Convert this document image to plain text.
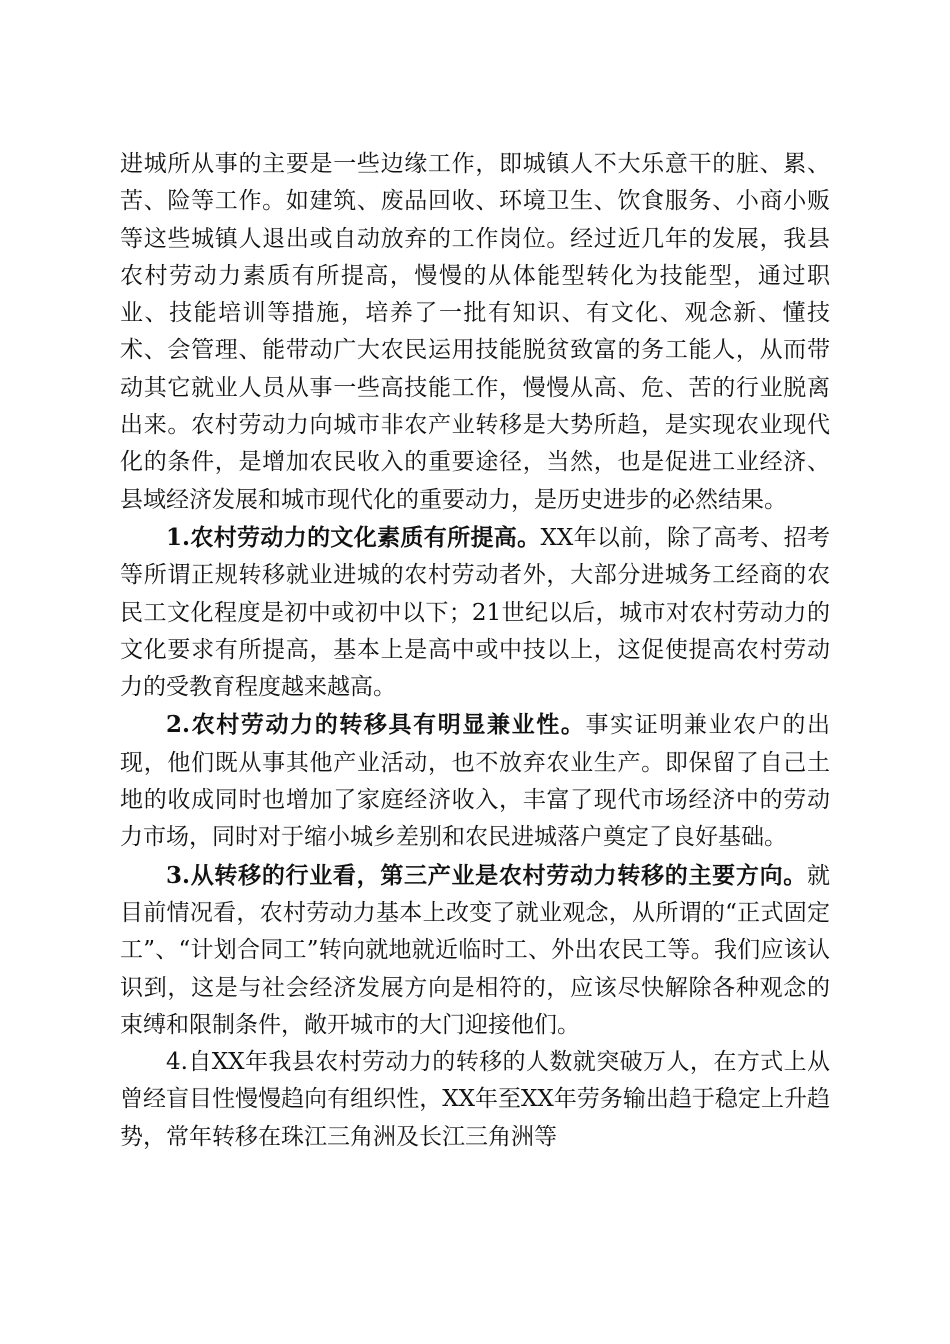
进城所从事的主要是一些边缘工作，即城镇人不大乐意干的脏、累、苦、险等工作。如建筑、废品回收、环境卫生、饮食服务、小商小贩等这些城镇人退出或自动放弃的工作岗位。经过近几年的发展，我县农村劳动力素质有所提高，慢慢的从体能型转化为技能型，通过职业、技能培训等措施，培养了一批有知识、有文化、观念新、懂技术、会管理、能带动广大农民运用技能脱贫致富的务工能人，从而带动其它就业人员从事一些高技能工作，慢慢从高、危、苦的行业脱离出来。农村劳动力向城市非农产业转移是大势所趋，是实现农业现代化的条件，是增加农民收入的重要途径，当然，也是促进工业经济、县域经济发展和城市现代化的重要动力，是历史进步的必然结果。

1.农村劳动力的文化素质有所提高。XX年以前，除了高考、招考等所谓正规转移就业进城的农村劳动者外，大部分进城务工经商的农民工文化程度是初中或初中以下；21世纪以后，城市对农村劳动力的文化要求有所提高，基本上是高中或中技以上，这促使提高农村劳动力的受教育程度越来越高。

2.农村劳动力的转移具有明显兼业性。事实证明兼业农户的出现，他们既从事其他产业活动，也不放弃农业生产。即保留了自己土地的收成同时也增加了家庭经济收入，丰富了现代市场经济中的劳动力市场，同时对于缩小城乡差别和农民进城落户奠定了良好基础。

3.从转移的行业看，第三产业是农村劳动力转移的主要方向。就目前情况看，农村劳动力基本上改变了就业观念，从所谓的“正式固定工”、“计划合同工”转向就地就近临时工、外出农民工等。我们应该认识到，这是与社会经济发展方向是相符的，应该尽快解除各种观念的束缚和限制条件，敞开城市的大门迎接他们。

4.自XX年我县农村劳动力的转移的人数就突破万人，在方式上从曾经盲目性慢慢趋向有组织性，XX年至XX年劳务输出趋于稳定上升趋势，常年转移在珠江三角洲及长江三角洲等
